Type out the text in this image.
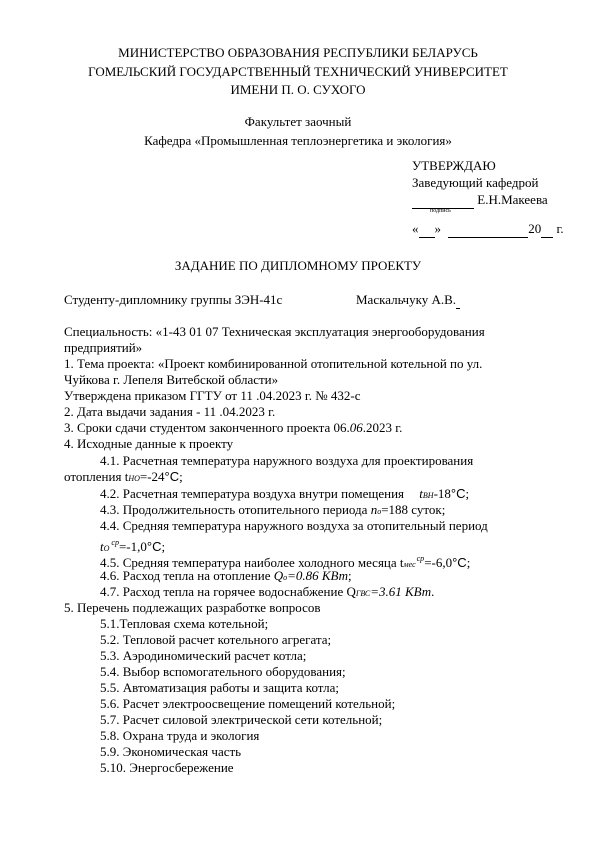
МИНИСТЕРСТВО ОБРАЗОВАНИЯ РЕСПУБЛИКИ БЕЛАРУСЬ
ГОМЕЛЬСКИЙ ГОСУДАРСТВЕННЫЙ ТЕХНИЧЕСКИЙ УНИВЕРСИТЕТ
ИМЕНИ П. О. СУХОГО
Факультет заочный
Кафедра «Промышленная теплоэнергетика и экология»
УТВЕРЖДАЮ
Заведующий кафедрой
Е.Н.Макеева
подпись
« »	20 г.
ЗАДАНИЕ ПО ДИПЛОМНОМУ ПРОЕКТУ
Студенту-дипломнику группы ЗЭН-41с	Маскальчуку А.В.
Специальность: «1-43 01 07 Техническая эксплуатация энергооборудования
предприятий»
1. Тема проекта: «Проект комбинированной отопительной котельной по ул.
Чуйкова г. Лепеля Витебской области»
Утверждена приказом ГГТУ от 11 .04.2023 г. № 432-с
2. Дата выдачи задания - 11 .04.2023 г.
3. Сроки сдачи студентом законченного проекта 06.06.2023 г.
4. Исходные данные к проекту
4.1. Расчетная температура наружного воздуха для проектирования
отопления tНО=-24°С;
4.2. Расчетная температура воздуха внутри помещения tВН-18°С;
4.3. Продолжительность отопительного периода nо=188 суток;
4.4. Средняя температура наружного воздуха за отопительный период
$tО^{ср}=-1,0^\circ С$;
4.5. Средняя температура наиболее холодного месяца tмес$^{ср}$=-6,0°С;
4.6. Расход тепла на отопление Qо=0.86 КВт;
4.7. Расход тепла на горячее водоснабжение QГВС=3.61 КВт.
5. Перечень подлежащих разработке вопросов
5.1.Тепловая схема котельной;
5.2. Тепловой расчет котельного агрегата;
5.3. Аэродиномический расчет котла;
5.4. Выбор вспомогательного оборудования;
5.5. Автоматизация работы и защита котла;
5.6. Расчет электроосвещение помещений котельной;
5.7. Расчет силовой электрической сети котельной;
5.8. Охрана труда и экология
5.9. Экономическая часть
5.10. Энергосбережение
